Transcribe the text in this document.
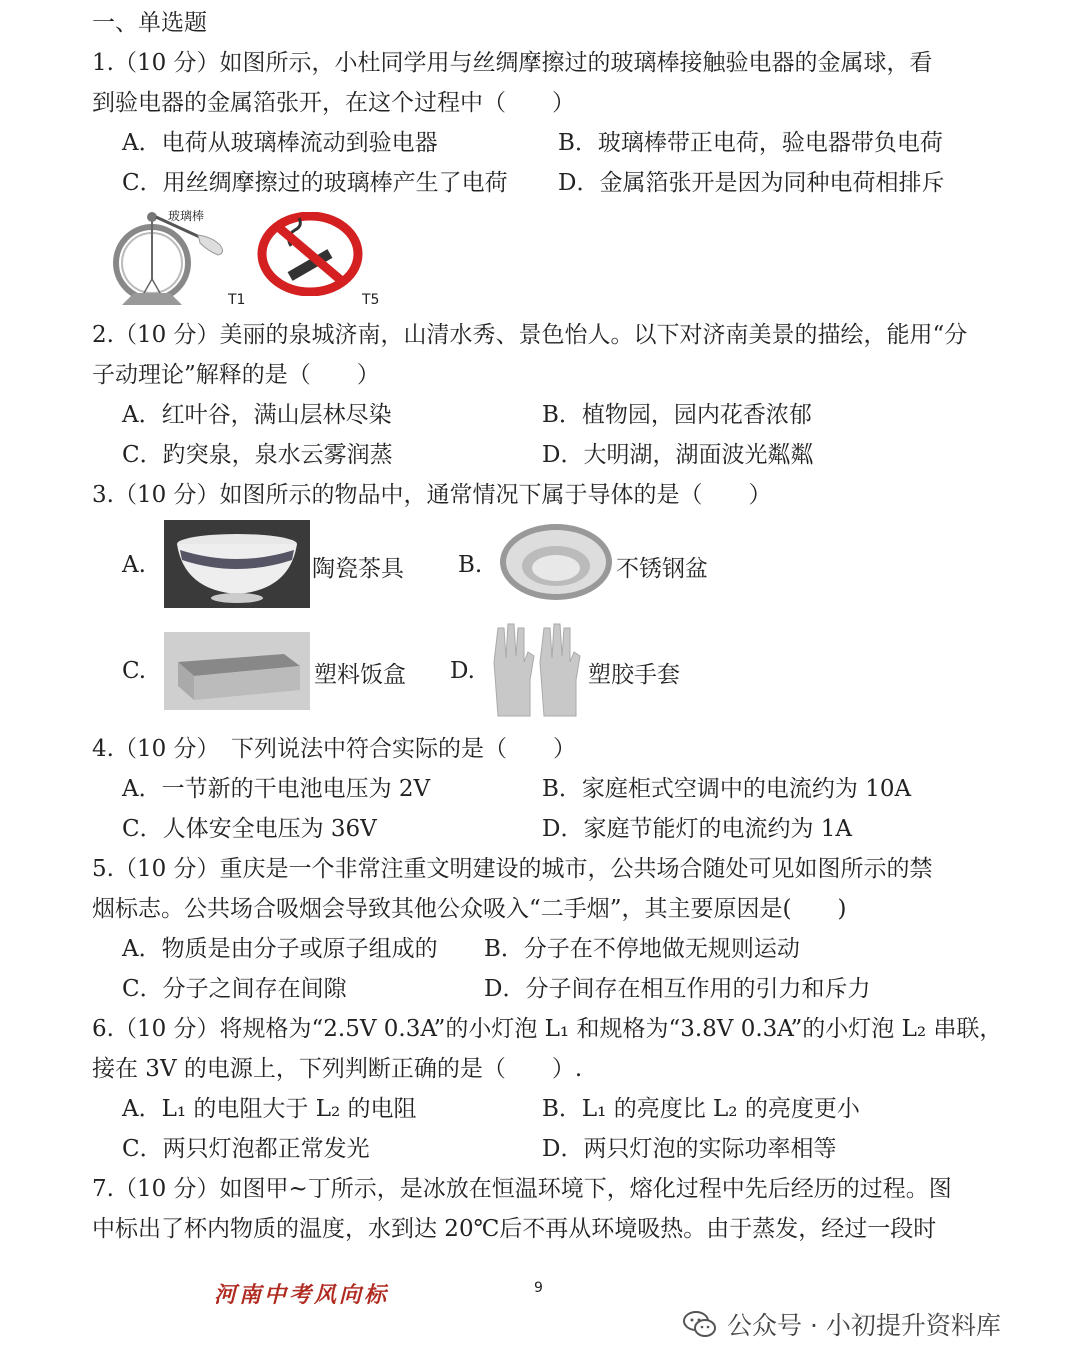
一、单选题
1.（10 分）如图所示，小杜同学用与丝绸摩擦过的玻璃棒接触验电器的金属球，看
到验电器的金属箔张开，在这个过程中（　　）
A．电荷从玻璃棒流动到验电器	B．玻璃棒带正电荷，验电器带负电荷
C．用丝绸摩擦过的玻璃棒产生了电荷 D．金属箔张开是因为同种电荷相排斥
玻璃棒
T1	T5
2.（10 分）美丽的泉城济南，山清水秀、景色怡人。以下对济南美景的描绘，能用“分
子动理论”解释的是（　　）
A．红叶谷，满山层林尽染	B．植物园，园内花香浓郁
C．趵突泉，泉水云雾润蒸	D．大明湖，湖面波光粼粼
3.（10 分）如图所示的物品中，通常情况下属于导体的是（　　）
A.	陶瓷茶具 B.	不锈钢盆
C.	塑料饭盒 D.	塑胶手套
4.（10 分）　下列说法中符合实际的是（　　）
A．一节新的干电池电压为 2V	B．家庭柜式空调中的电流约为 10A
C．人体安全电压为 36V	D．家庭节能灯的电流约为 1A
5.（10 分）重庆是一个非常注重文明建设的城市，公共场合随处可见如图所示的禁
烟标志。公共场合吸烟会导致其他公众吸入“二手烟”，其主要原因是(　　)
A．物质是由分子或原子组成的 B．分子在不停地做无规则运动
C．分子之间存在间隙	D．分子间存在相互作用的引力和斥力
6.（10 分）将规格为“2.5V 0.3A”的小灯泡 L₁ 和规格为“3.8V 0.3A”的小灯泡 L₂ 串联，
接在 3V 的电源上，下列判断正确的是（　　）.
A．L₁ 的电阻大于 L₂ 的电阻	B．L₁ 的亮度比 L₂ 的亮度更小
C．两只灯泡都正常发光	D．两只灯泡的实际功率相等
7.（10 分）如图甲~丁所示，是冰放在恒温环境下，熔化过程中先后经历的过程。图
中标出了杯内物质的温度，水到达 20℃后不再从环境吸热。由于蒸发，经过一段时
河南中考风向标	9
公众号 · 小初提升资料库
